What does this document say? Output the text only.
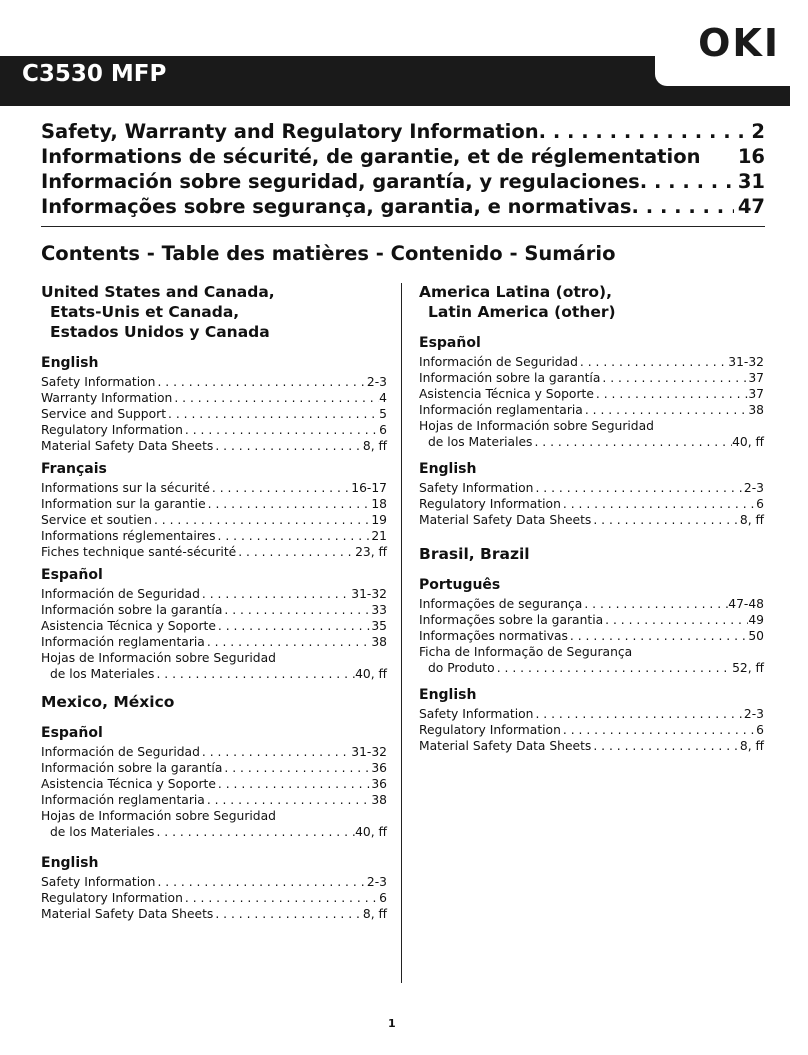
C3530 MFP
OKI
PRINTING SOLUTIONS
Safety, Warranty and Regulatory Information . . .	2
Informations de sécurité, de garantie, et de réglementation 16
Información sobre seguridad, garantía, y regulaciones . . .	31
Informações sobre segurança, garantia, e normativas . . .	47
Contents - Table des matières - Contenido - Sumário
United States and Canada,
Etats-Unis et Canada,
Estados Unidos y Canada
English
Safety Information . . .	2-3
Warranty Information . . .	4
Service and Support . . .	5
Regulatory Information . . .	6
Material Safety Data Sheets . . .	8, ff
Français
Informations sur la sécurité . . .	16-17
Information sur la garantie . . .	18
Service et soutien . . .	19
Informations réglementaires . . .	21
Fiches technique santé-sécurité . . .	23, ff
Español
Información de Seguridad . . .	31-32
Información sobre la garantía . . .	33
Asistencia Técnica y Soporte . . .	35
Información reglamentaria . . .	38
Hojas de Información sobre Seguridad
de los Materiales . . .	40, ff
Mexico, México
Español
Información de Seguridad . . .	31-32
Información sobre la garantía . . .	36
Asistencia Técnica y Soporte . . .	36
Información reglamentaria . . .	38
Hojas de Información sobre Seguridad
de los Materiales . . .	40, ff
English
Safety Information . . .	2-3
Regulatory Information . . .	6
Material Safety Data Sheets . . .	8, ff
America Latina (otro),
Latin America (other)
Español
Información de Seguridad . . .	31-32
Información sobre la garantía . . .	37
Asistencia Técnica y Soporte . . .	37
Información reglamentaria . . .	38
Hojas de Información sobre Seguridad
de los Materiales . . .	40, ff
English
Safety Information . . .	2-3
Regulatory Information . . .	6
Material Safety Data Sheets . . .	8, ff
Brasil, Brazil
Português
Informações de segurança . . .	47-48
Informações sobre la garantia . . .	49
Informações normativas . . .	50
Ficha de Informação de Segurança
do Produto . . .	52, ff
English
Safety Information . . .	2-3
Regulatory Information . . .	6
Material Safety Data Sheets . . .	8, ff
1
